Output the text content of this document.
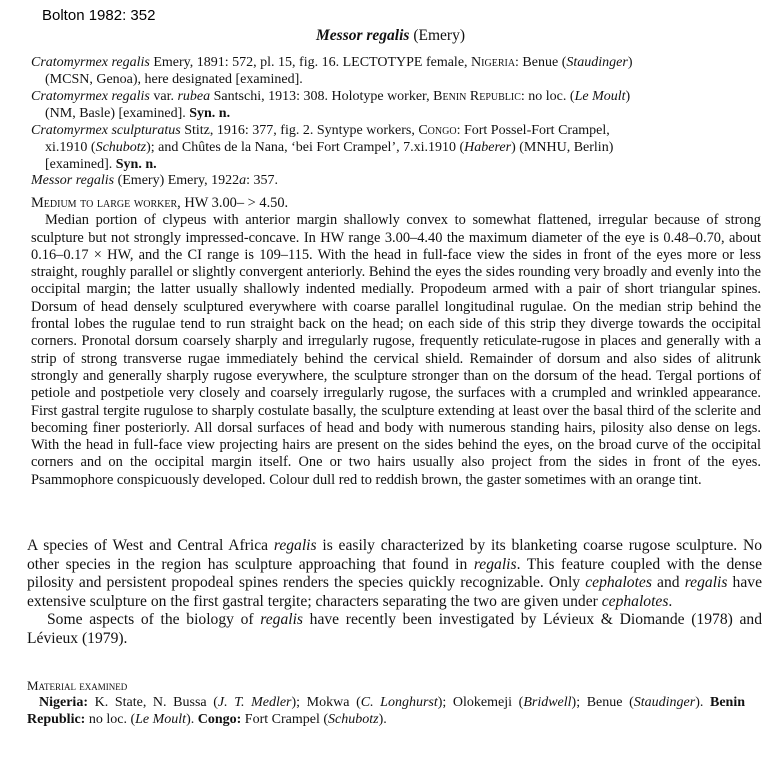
Bolton 1982: 352
Messor regalis (Emery)
Cratomyrmex regalis Emery, 1891: 572, pl. 15, fig. 16. LECTOTYPE female, Nigeria: Benue (Staudinger)
(MCSN, Genoa), here designated [examined].
Cratomyrmex regalis var. rubea Santschi, 1913: 308. Holotype worker, Benin Republic: no loc. (Le Moult)
(NM, Basle) [examined]. Syn. n.
Cratomyrmex sculpturatus Stitz, 1916: 377, fig. 2. Syntype workers, Congo: Fort Possel-Fort Crampel,
xi.1910 (Schubotz); and Chûtes de la Nana, ‘bei Fort Crampel’, 7.xi.1910 (Haberer) (MNHU, Berlin)
[examined]. Syn. n.
Messor regalis (Emery) Emery, 1922a: 357.

Medium to large worker, HW 3.00– > 4.50.

Median portion of clypeus with anterior margin shallowly convex to somewhat flattened, irregular because of strong sculpture but not strongly impressed-concave. In HW range 3.00–4.40 the maximum diameter of the eye is 0.48–0.70, about 0.16–0.17 × HW, and the CI range is 109–115. With the head in full-face view the sides in front of the eyes more or less straight, roughly parallel or slightly convergent anteriorly. Behind the eyes the sides rounding very broadly and evenly into the occipital margin; the latter usually shallowly indented medially. Propodeum armed with a pair of short triangular spines. Dorsum of head densely sculptured everywhere with coarse parallel longitudinal rugulae. On the median strip behind the frontal lobes the rugulae tend to run straight back on the head; on each side of this strip they diverge towards the occipital corners. Pronotal dorsum coarsely sharply and irregularly rugose, frequently reticulate-rugose in places and generally with a strip of strong transverse rugae immediately behind the cervical shield. Remainder of dorsum and also sides of alitrunk strongly and generally sharply rugose everywhere, the sculpture stronger than on the dorsum of the head. Tergal portions of petiole and postpetiole very closely and coarsely irregularly rugose, the surfaces with a crumpled and wrinkled appearance. First gastral tergite rugulose to sharply costulate basally, the sculpture extending at least over the basal third of the sclerite and becoming finer posteriorly. All dorsal surfaces of head and body with numerous standing hairs, pilosity also dense on legs. With the head in full-face view projecting hairs are present on the sides behind the eyes, on the broad curve of the occipital corners and on the occipital margin itself. One or two hairs usually also project from the sides in front of the eyes. Psammophore conspicuously developed. Colour dull red to reddish brown, the gaster sometimes with an orange tint.

A species of West and Central Africa regalis is easily characterized by its blanketing coarse rugose sculpture. No other species in the region has sculpture approaching that found in regalis. This feature coupled with the dense pilosity and persistent propodeal spines renders the species quickly recognizable. Only cephalotes and regalis have extensive sculpture on the first gastral tergite; characters separating the two are given under cephalotes.

Some aspects of the biology of regalis have recently been investigated by Lévieux & Diomande (1978) and Lévieux (1979).

Material examined
Nigeria: K. State, N. Bussa (J. T. Medler); Mokwa (C. Longhurst); Olokemeji (Bridwell); Benue (Staudinger). Benin Republic: no loc. (Le Moult). Congo: Fort Crampel (Schubotz).
